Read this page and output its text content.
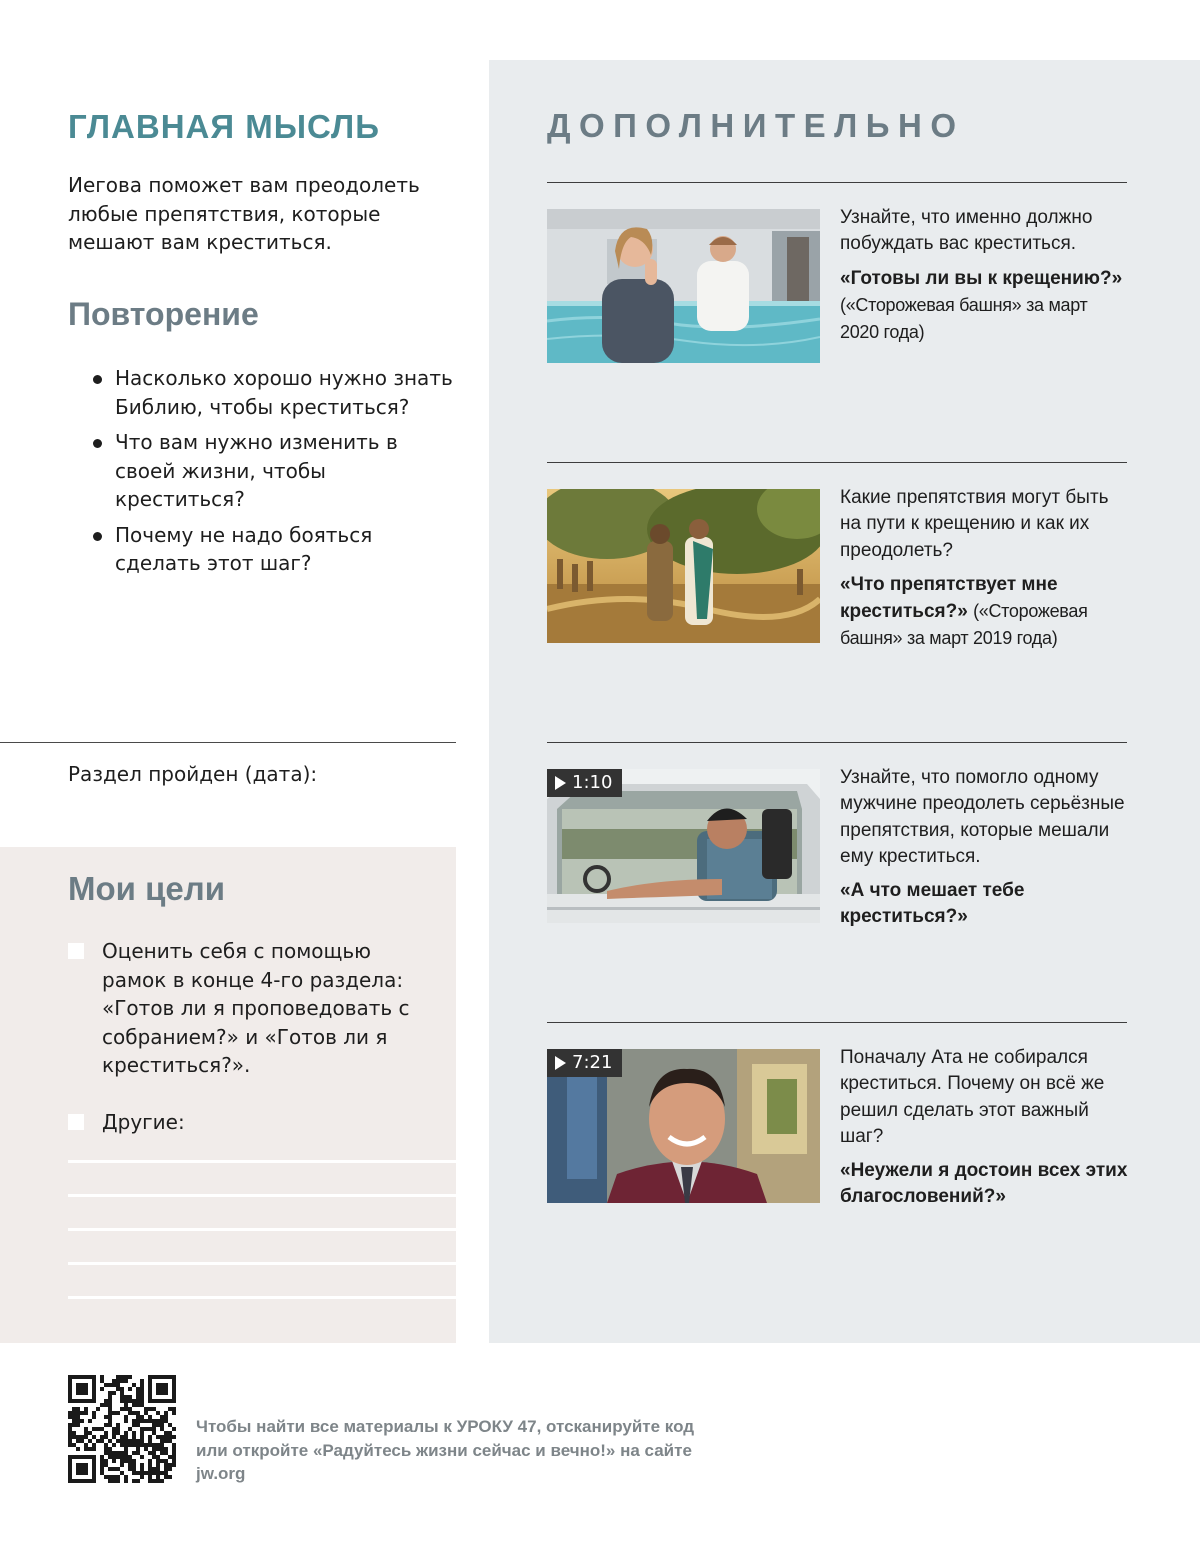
ГЛАВНАЯ МЫСЛЬ

Иегова поможет вам преодолеть любые препятствия, которые мешают вам креститься.

Повторение
Насколько хорошо нужно знать Библию, чтобы креститься?
Что вам нужно изменить в своей жизни, чтобы креститься?
Почему не надо бояться сделать этот шаг?
Раздел пройден (дата):
Мои цели
Оценить себя с помощью рамок в конце 4-го раздела: «Готов ли я проповедовать с собранием?» и «Готов ли я креститься?».
Другие:
ДОПОЛНИТЕЛЬНО
Узнайте, что именно должно побуждать вас креститься.
«Готовы ли вы к крещению?» («Сторожевая башня» за март 2020 года)
Какие препятствия могут быть на пути к крещению и как их преодолеть?
«Что препятствует мне креститься?» («Сторожевая башня» за март 2019 года)
1:10	Узнайте, что помогло одному мужчине преодолеть серьёзные препятствия, которые мешали ему креститься.
«А что мешает тебе креститься?»
7:21	Поначалу Ата не собирался креститься. Почему он всё же решил сделать этот важный шаг?
«Неужели я достоин всех этих благословений?»
Чтобы найти все материалы к УРОКУ 47, отсканируйте код или откройте «Радуйтесь жизни сейчас и вечно!» на сайте jw.org
